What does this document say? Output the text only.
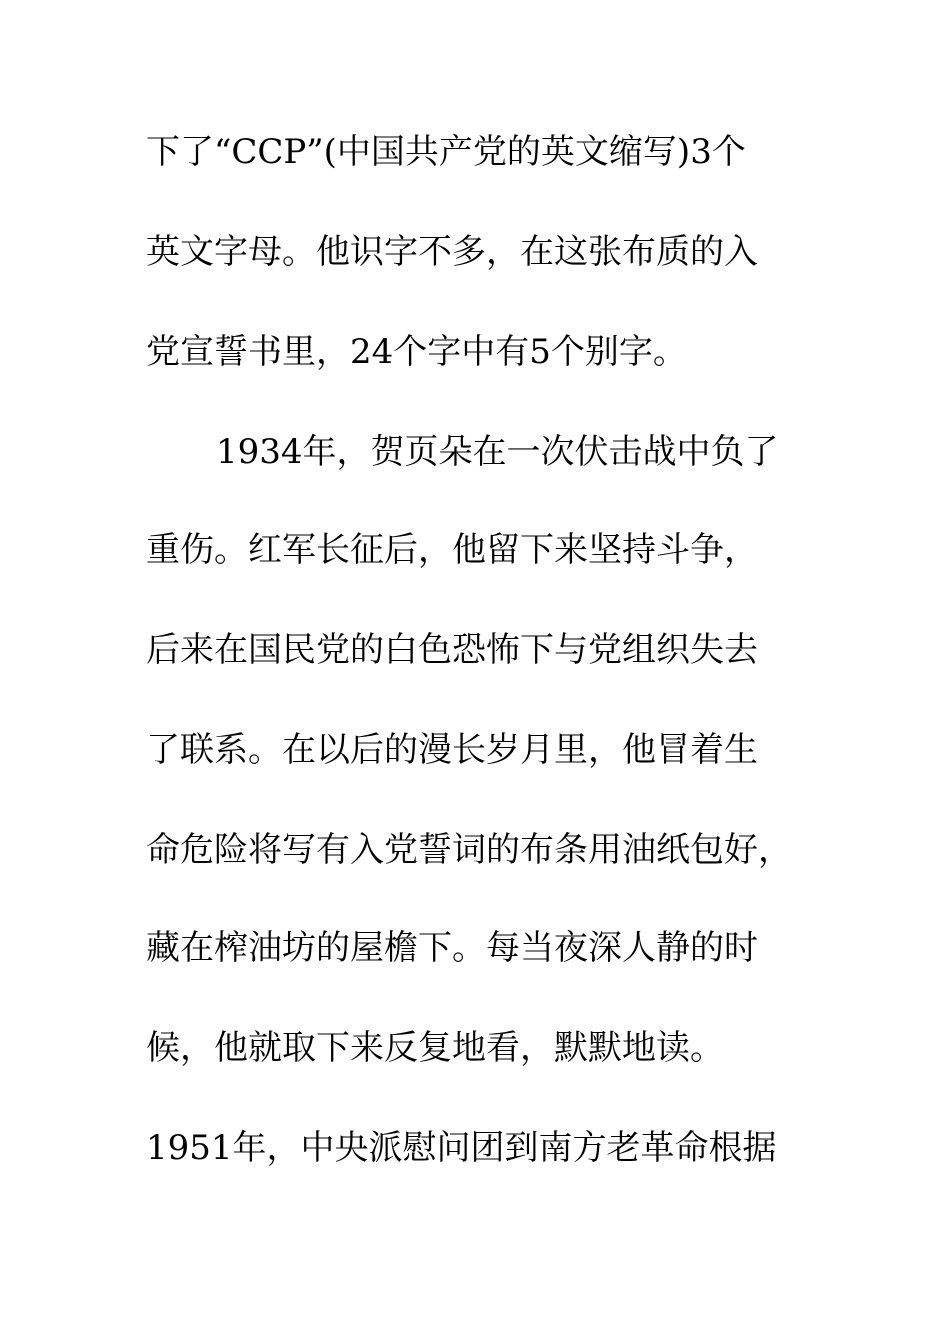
下了“CCP”(中国共产党的英文缩写)3个
英文字母。他识字不多，在这张布质的入
党宣誓书里，24个字中有5个别字。
1934年，贺页朵在一次伏击战中负了
重伤。红军长征后，他留下来坚持斗争，
后来在国民党的白色恐怖下与党组织失去
了联系。在以后的漫长岁月里，他冒着生
命危险将写有入党誓词的布条用油纸包好，
藏在榨油坊的屋檐下。每当夜深人静的时
候，他就取下来反复地看，默默地读。
1951年，中央派慰问团到南方老革命根据
